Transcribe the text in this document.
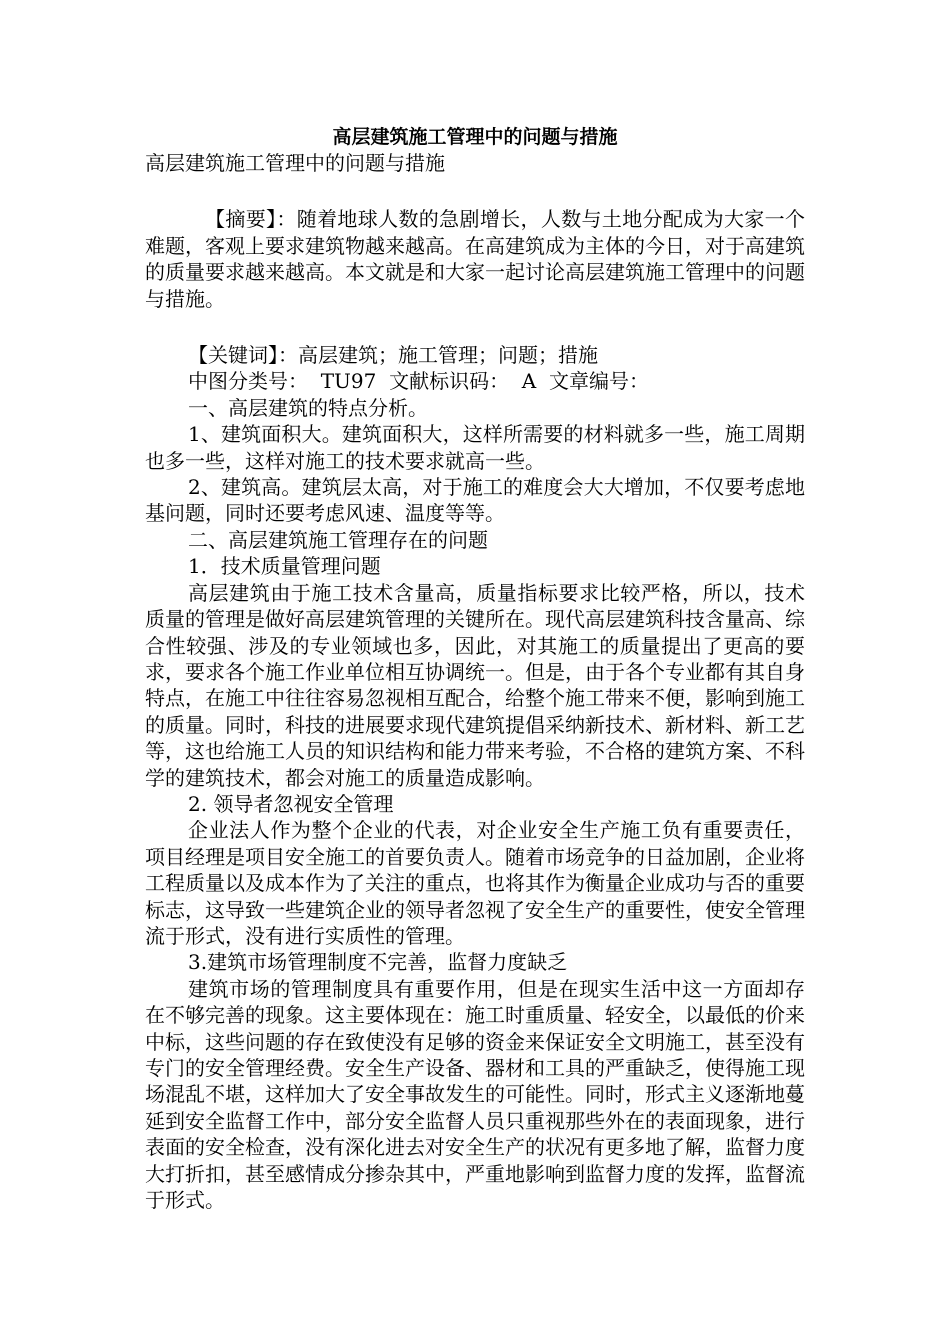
高层建筑施工管理中的问题与措施

高层建筑施工管理中的问题与措施

【摘要】：随着地球人数的急剧增长，人数与土地分配成为大家一个难题，客观上要求建筑物越来越高。在高建筑成为主体的今日，对于高建筑的质量要求越来越高。本文就是和大家一起讨论高层建筑施工管理中的问题与措施。

【关键词】：高层建筑；施工管理；问题；措施

中图分类号：  TU97  文献标识码：  A  文章编号：

一、高层建筑的特点分析。

1、建筑面积大。建筑面积大，这样所需要的材料就多一些，施工周期也多一些，这样对施工的技术要求就高一些。

2、建筑高。建筑层太高，对于施工的难度会大大增加，不仅要考虑地基问题，同时还要考虑风速、温度等等。

二、高层建筑施工管理存在的问题

1．技术质量管理问题

高层建筑由于施工技术含量高，质量指标要求比较严格，所以，技术质量的管理是做好高层建筑管理的关键所在。现代高层建筑科技含量高、综合性较强、涉及的专业领域也多，因此，对其施工的质量提出了更高的要求，要求各个施工作业单位相互协调统一。但是，由于各个专业都有其自身特点，在施工中往往容易忽视相互配合，给整个施工带来不便，影响到施工的质量。同时，科技的进展要求现代建筑提倡采纳新技术、新材料、新工艺等，这也给施工人员的知识结构和能力带来考验，不合格的建筑方案、不科学的建筑技术，都会对施工的质量造成影响。

2. 领导者忽视安全管理

企业法人作为整个企业的代表，对企业安全生产施工负有重要责任，项目经理是项目安全施工的首要负责人。随着市场竞争的日益加剧，企业将工程质量以及成本作为了关注的重点，也将其作为衡量企业成功与否的重要标志，这导致一些建筑企业的领导者忽视了安全生产的重要性，使安全管理流于形式，没有进行实质性的管理。

3.建筑市场管理制度不完善，监督力度缺乏

建筑市场的管理制度具有重要作用，但是在现实生活中这一方面却存在不够完善的现象。这主要体现在：施工时重质量、轻安全，以最低的价来中标，这些问题的存在致使没有足够的资金来保证安全文明施工，甚至没有专门的安全管理经费。安全生产设备、器材和工具的严重缺乏，使得施工现场混乱不堪，这样加大了安全事故发生的可能性。同时，形式主义逐渐地蔓延到安全监督工作中，部分安全监督人员只重视那些外在的表面现象，进行表面的安全检查，没有深化进去对安全生产的状况有更多地了解，监督力度大打折扣，甚至感情成分掺杂其中，严重地影响到监督力度的发挥，监督流于形式。
